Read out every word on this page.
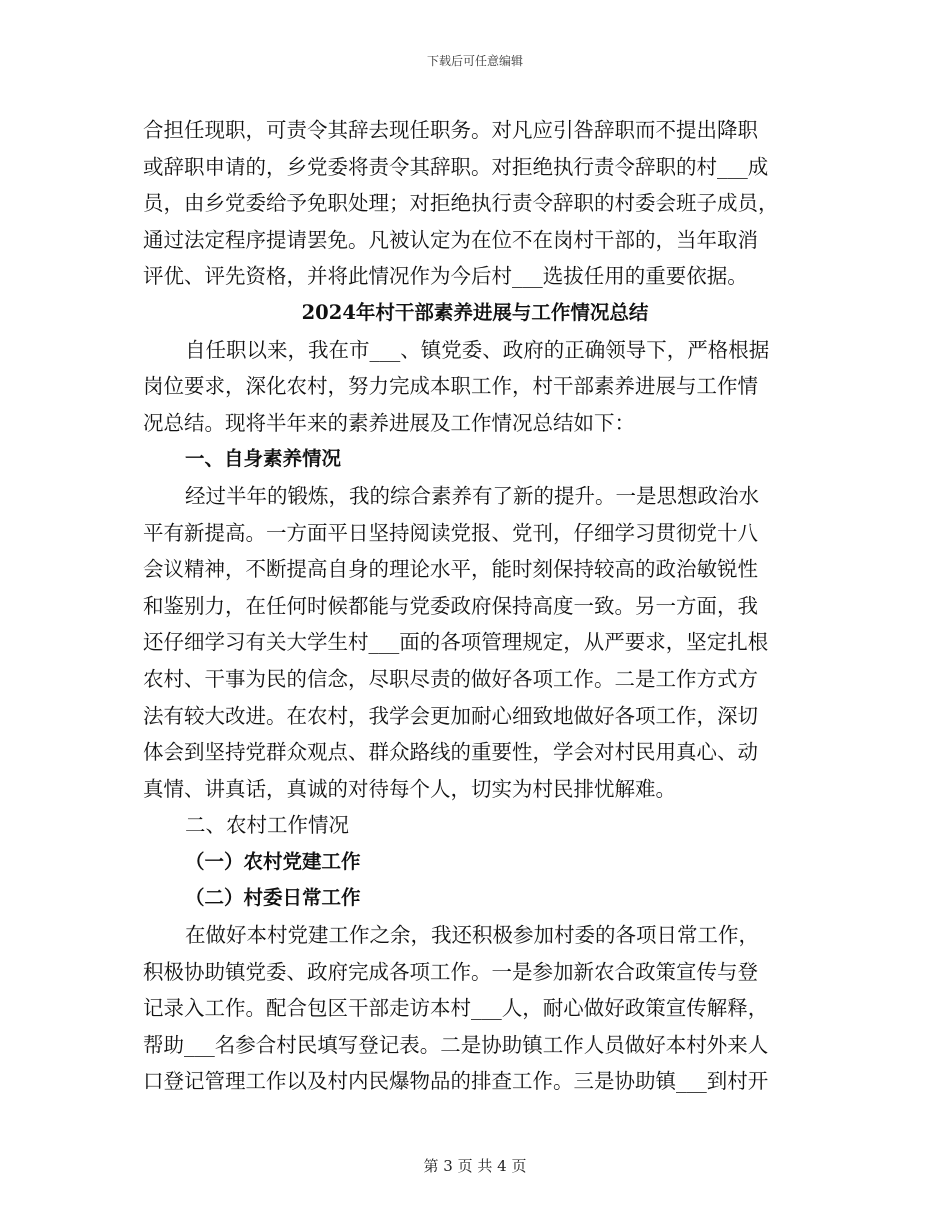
下载后可任意编辑
合担任现职，可责令其辞去现任职务。对凡应引咎辞职而不提出降职
或辞职申请的，乡党委将责令其辞职。对拒绝执行责令辞职的村___成
员，由乡党委给予免职处理；对拒绝执行责令辞职的村委会班子成员，
通过法定程序提请罢免。凡被认定为在位不在岗村干部的，当年取消
评优、评先资格，并将此情况作为今后村___选拔任用的重要依据。
2024年村干部素养进展与工作情况总结
自任职以来，我在市___、镇党委、政府的正确领导下，严格根据
岗位要求，深化农村，努力完成本职工作，村干部素养进展与工作情
况总结。现将半年来的素养进展及工作情况总结如下：
一、自身素养情况
经过半年的锻炼，我的综合素养有了新的提升。一是思想政治水
平有新提高。一方面平日坚持阅读党报、党刊，仔细学习贯彻党十八
会议精神，不断提高自身的理论水平，能时刻保持较高的政治敏锐性
和鉴别力，在任何时候都能与党委政府保持高度一致。另一方面，我
还仔细学习有关大学生村___面的各项管理规定，从严要求，坚定扎根
农村、干事为民的信念，尽职尽责的做好各项工作。二是工作方式方
法有较大改进。在农村，我学会更加耐心细致地做好各项工作，深切
体会到坚持党群众观点、群众路线的重要性，学会对村民用真心、动
真情、讲真话，真诚的对待每个人，切实为村民排忧解难。
二、农村工作情况
（一）农村党建工作
（二）村委日常工作
在做好本村党建工作之余，我还积极参加村委的各项日常工作，
积极协助镇党委、政府完成各项工作。一是参加新农合政策宣传与登
记录入工作。配合包区干部走访本村___人，耐心做好政策宣传解释，
帮助___名参合村民填写登记表。二是协助镇工作人员做好本村外来人
口登记管理工作以及村内民爆物品的排查工作。三是协助镇___到村开
第 3 页 共 4 页
